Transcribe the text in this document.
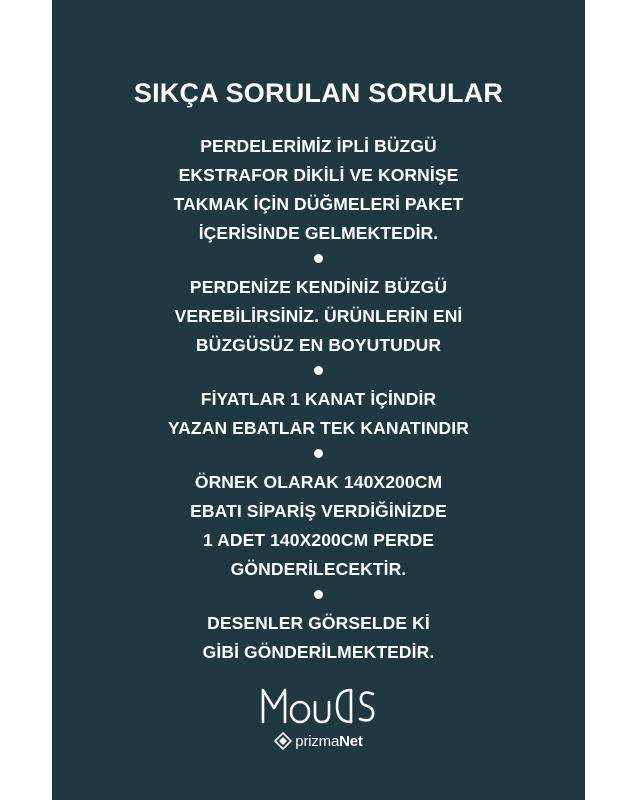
SIKÇA SORULAN SORULAR
PERDELERİMİZ İPLİ BÜZGÜ
EKSTRAFOR DİKİLİ VE KORNİŞE
TAKMAK İÇİN DÜĞMELERİ PAKET
İÇERİSİNDE GELMEKTEDİR.
PERDENİZE KENDİNİZ BÜZGÜ
VEREBİLİRSİNİZ. ÜRÜNLERİN ENİ
BÜZGÜSÜZ EN BOYUTUDUR
FİYATLAR 1 KANAT İÇİNDİR
YAZAN EBATLAR TEK KANATINDIR
ÖRNEK OLARAK 140X200CM
EBATI SİPARİŞ VERDİĞİNİZDE
1 ADET 140X200CM PERDE
GÖNDERİLECEKTİR.
DESENLER GÖRSELDE Kİ
GİBİ GÖNDERİLMEKTEDİR.
prizmaNet
